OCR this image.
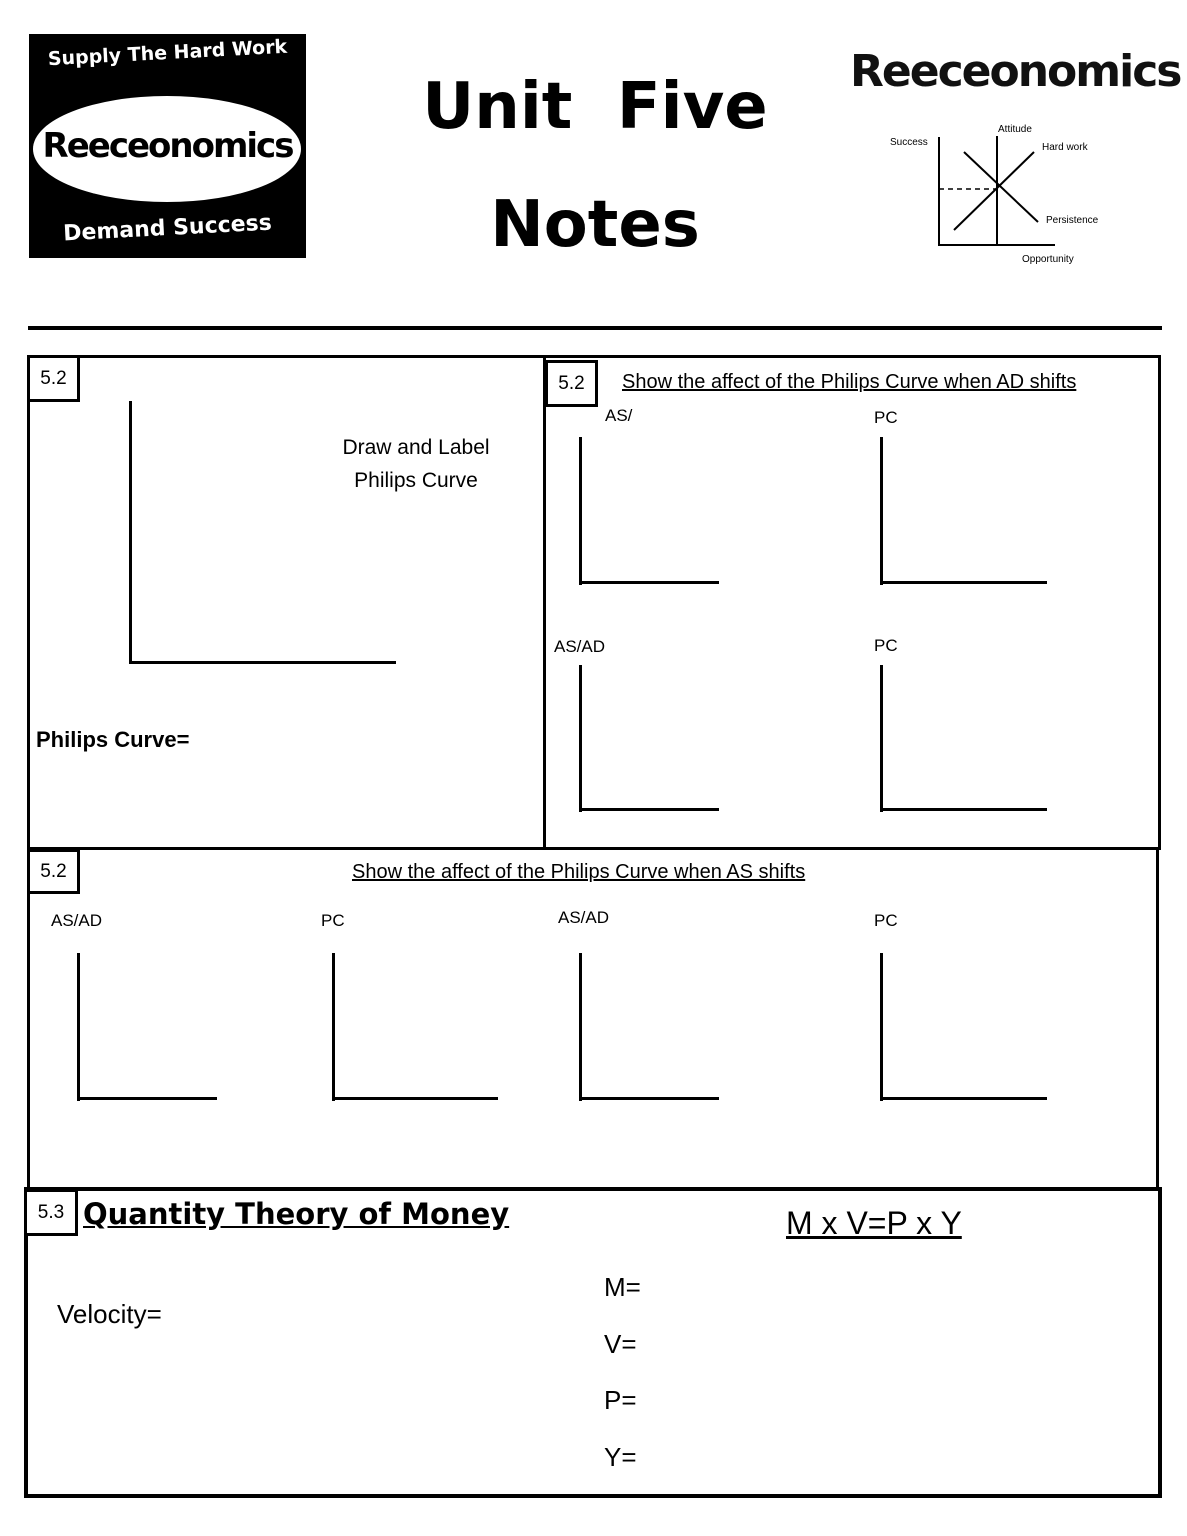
Supply The Hard Work
Reeceonomics
Demand Success
Unit  Five
Notes
Reeceonomics
Success
Attitude
Hard work
Persistence
Opportunity
5.2
Draw and Label
Philips Curve
Philips Curve=
5.2	Show the affect of the Philips Curve when AD shifts
AS/	PC
AS/AD	PC
5.2	Show the affect of the Philips Curve when AS shifts
AS/AD	PC	AS/AD	PC
5.3 Quantity Theory of Money	M x V=P x Y
Velocity=
M=
V=
P=
Y=
